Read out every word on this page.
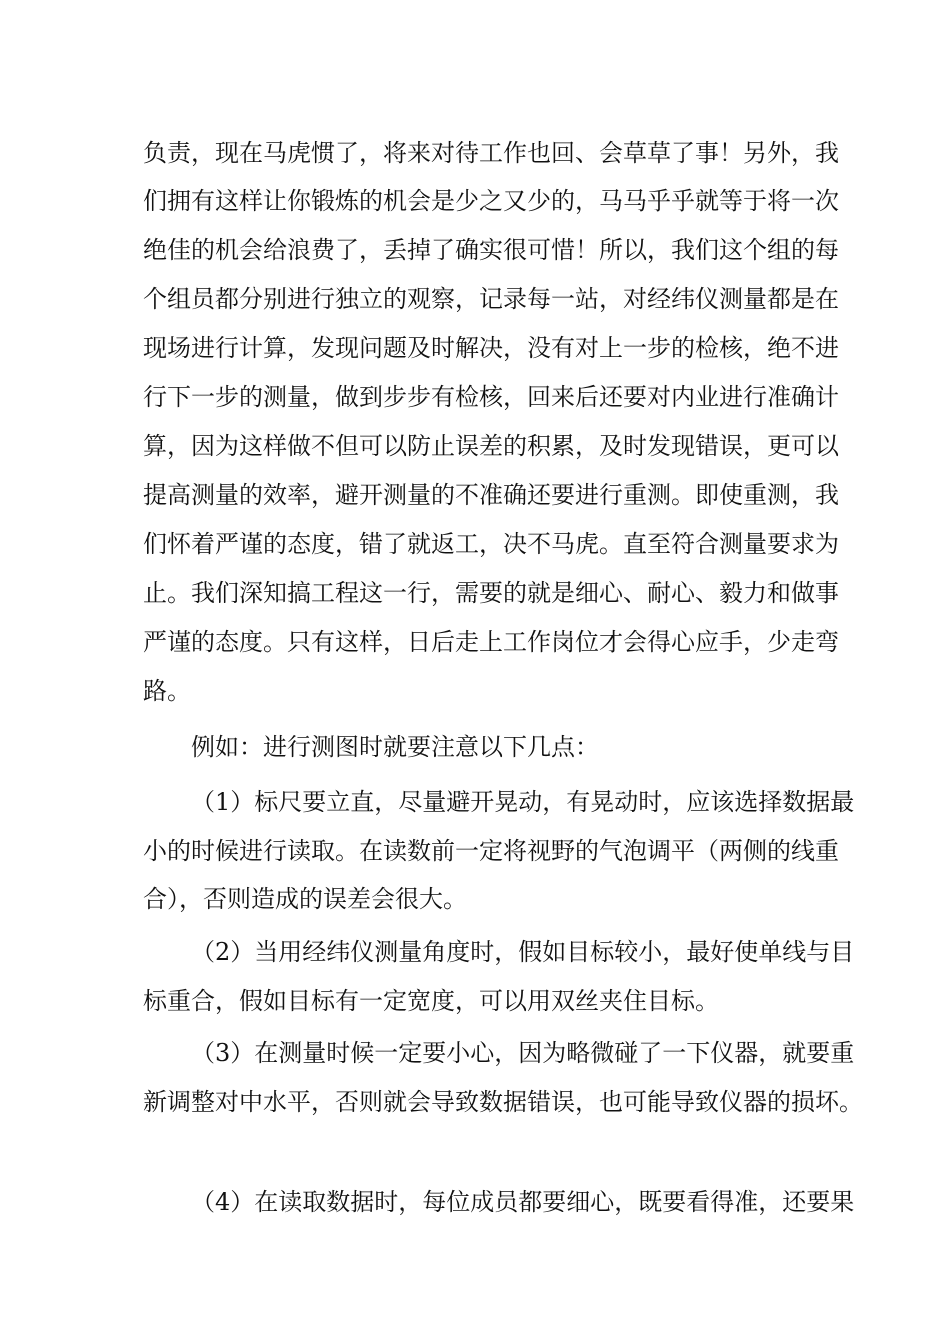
负责，现在马虎惯了，将来对待工作也回、会草草了事！另外，我
们拥有这样让你锻炼的机会是少之又少的，马马乎乎就等于将一次
绝佳的机会给浪费了，丢掉了确实很可惜！所以，我们这个组的每
个组员都分别进行独立的观察，记录每一站，对经纬仪测量都是在
现场进行计算，发现问题及时解决，没有对上一步的检核，绝不进
行下一步的测量，做到步步有检核，回来后还要对内业进行准确计
算，因为这样做不但可以防止误差的积累，及时发现错误，更可以
提高测量的效率，避开测量的不准确还要进行重测。即使重测，我
们怀着严谨的态度，错了就返工，决不马虎。直至符合测量要求为
止。我们深知搞工程这一行，需要的就是细心、耐心、毅力和做事
严谨的态度。只有这样，日后走上工作岗位才会得心应手，少走弯
路。
例如：进行测图时就要注意以下几点：
（1）标尺要立直，尽量避开晃动，有晃动时，应该选择数据最
小的时候进行读取。在读数前一定将视野的气泡调平（两侧的线重
合），否则造成的误差会很大。
（2）当用经纬仪测量角度时，假如目标较小，最好使单线与目
标重合，假如目标有一定宽度，可以用双丝夹住目标。
（3）在测量时候一定要小心，因为略微碰了一下仪器，就要重
新调整对中水平，否则就会导致数据错误，也可能导致仪器的损坏。
（4）在读取数据时，每位成员都要细心，既要看得准，还要果
